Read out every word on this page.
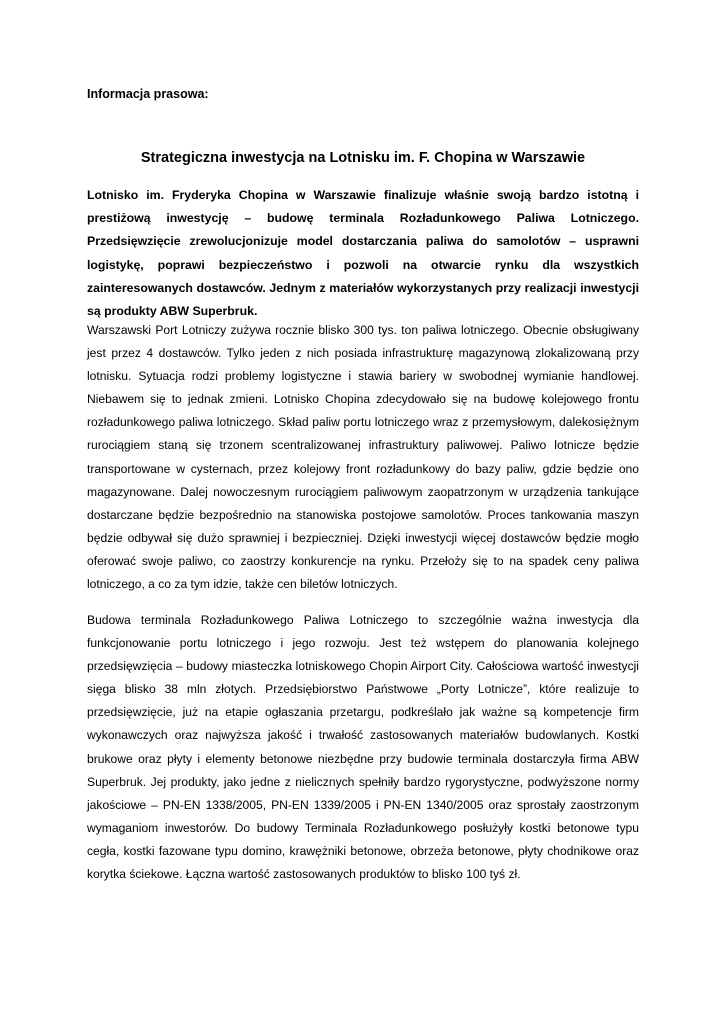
Informacja prasowa:

Strategiczna inwestycja na Lotnisku im. F. Chopina w Warszawie

Lotnisko im. Fryderyka Chopina w Warszawie finalizuje właśnie swoją bardzo istotną i prestiżową inwestycję – budowę terminala Rozładunkowego Paliwa Lotniczego. Przedsięwzięcie zrewolucjonizuje model dostarczania paliwa do samolotów – usprawni logistykę, poprawi bezpieczeństwo i pozwoli na otwarcie rynku dla wszystkich zainteresowanych dostawców. Jednym z materiałów wykorzystanych przy realizacji inwestycji są produkty ABW Superbruk.

Warszawski Port Lotniczy zużywa rocznie blisko 300 tys. ton paliwa lotniczego. Obecnie obsługiwany jest przez 4 dostawców. Tylko jeden z nich posiada infrastrukturę magazynową zlokalizowaną przy lotnisku. Sytuacja rodzi problemy logistyczne i stawia bariery w swobodnej wymianie handlowej. Niebawem się to jednak zmieni. Lotnisko Chopina zdecydowało się na budowę kolejowego frontu rozładunkowego paliwa lotniczego. Skład paliw portu lotniczego wraz z przemysłowym, dalekosiężnym rurociągiem staną się trzonem scentralizowanej infrastruktury paliwowej. Paliwo lotnicze będzie transportowane w cysternach, przez kolejowy front rozładunkowy do bazy paliw, gdzie będzie ono magazynowane. Dalej nowoczesnym rurociągiem paliwowym zaopatrzonym w urządzenia tankujące dostarczane będzie bezpośrednio na stanowiska postojowe samolotów. Proces tankowania maszyn będzie odbywał się dużo sprawniej i bezpieczniej. Dzięki inwestycji więcej dostawców będzie mogło oferować swoje paliwo, co zaostrzy konkurencje na rynku. Przełoży się to na spadek ceny paliwa lotniczego, a co za tym idzie, także cen biletów lotniczych.

Budowa terminala Rozładunkowego Paliwa Lotniczego to szczególnie ważna inwestycja dla funkcjonowanie portu lotniczego i jego rozwoju. Jest też wstępem do planowania kolejnego przedsięwzięcia – budowy miasteczka lotniskowego Chopin Airport City. Całościowa wartość inwestycji sięga blisko 38 mln złotych. Przedsiębiorstwo Państwowe „Porty Lotnicze”, które realizuje to przedsięwzięcie, już na etapie ogłaszania przetargu, podkreślało jak ważne są kompetencje firm wykonawczych oraz najwyższa jakość i trwałość zastosowanych materiałów budowlanych. Kostki brukowe oraz płyty i elementy betonowe niezbędne przy budowie terminala dostarczyła firma ABW Superbruk. Jej produkty, jako jedne z nielicznych spełniły bardzo rygorystyczne, podwyższone normy jakościowe – PN-EN 1338/2005, PN-EN 1339/2005 i PN-EN 1340/2005 oraz sprostały zaostrzonym wymaganiom inwestorów. Do budowy Terminala Rozładunkowego posłużyły kostki betonowe typu cegła, kostki fazowane typu domino, krawężniki betonowe, obrzeża betonowe, płyty chodnikowe oraz korytka ściekowe. Łączna wartość zastosowanych produktów to blisko 100 tyś zł.
